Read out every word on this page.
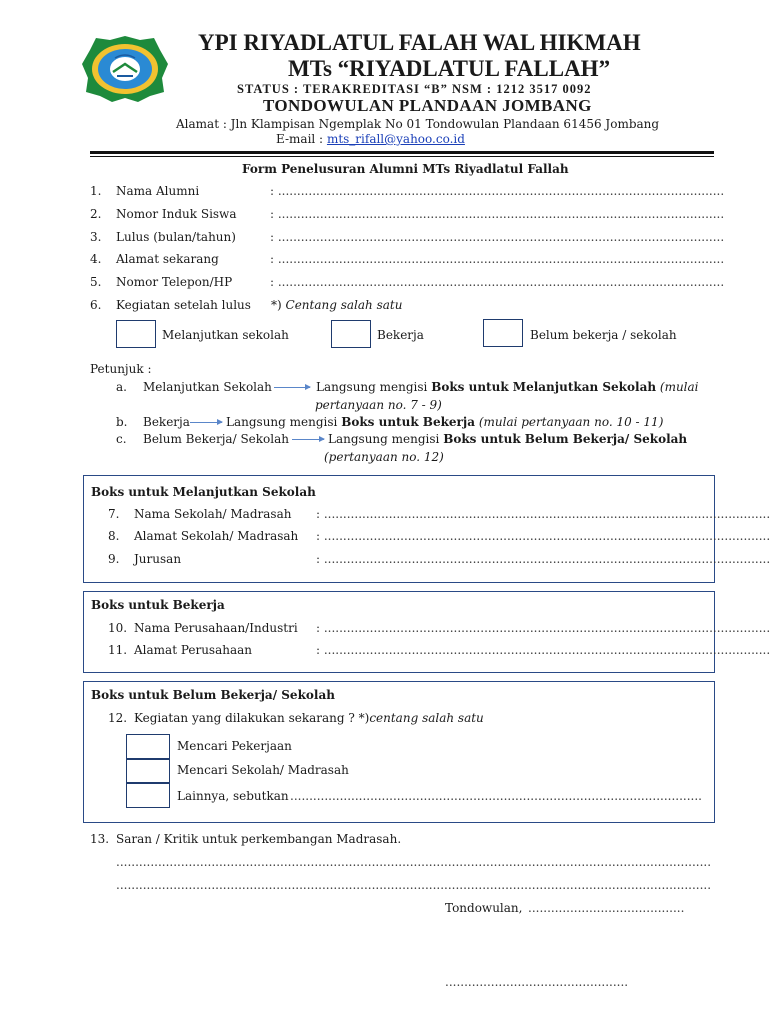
YPI RIYADLATUL FALAH WAL HIKMAH
MTs “RIYADLATUL FALLAH”
STATUS : TERAKREDITASI “B” NSM : 1212 3517 0092
TONDOWULAN PLANDAAN JOMBANG
Alamat : Jln Klampisan Ngemplak No 01 Tondowulan Plandaan 61456 Jombang
E-mail : mts_rifall@yahoo.co.id
Form Penelusuran Alumni MTs Riyadlatul Fallah
1. Nama Alumni	: .....................................................................................................................
2. Nomor Induk Siswa	: .....................................................................................................................
3. Lulus (bulan/tahun)	: .....................................................................................................................
4. Alamat sekarang	: .....................................................................................................................
5. Nomor Telepon/HP	: .....................................................................................................................
6. Kegiatan setelah lulus *) Centang salah satu
Melanjutkan sekolah	Bekerja	Belum bekerja / sekolah
Petunjuk :
a. Melanjutkan Sekolah	Langsung mengisi Boks untuk Melanjutkan Sekolah (mulai
pertanyaan no. 7 - 9)
b. Bekerja	Langsung mengisi Boks untuk Bekerja (mulai pertanyaan no. 10 - 11)
c. Belum Bekerja/ Sekolah	Langsung mengisi Boks untuk Belum Bekerja/ Sekolah
(pertanyaan no. 12)
Boks untuk Melanjutkan Sekolah
7. Nama Sekolah/ Madrasah : .....................................................................................................................
8. Alamat Sekolah/ Madrasah : .....................................................................................................................
9. Jurusan	: .....................................................................................................................
Boks untuk Bekerja
10. Nama Perusahaan/Industri : .....................................................................................................................
11. Alamat Perusahaan	: .....................................................................................................................
Boks untuk Belum Bekerja/ Sekolah
12. Kegiatan yang dilakukan sekarang ? *)centang salah satu
Mencari Pekerjaan
Mencari Sekolah/ Madrasah
Lainnya, sebutkan ............................................................................................................
13. Saran / Kritik untuk perkembangan Madrasah.
............................................................................................................................................................
............................................................................................................................................................
Tondowulan, .........................................
................................................
